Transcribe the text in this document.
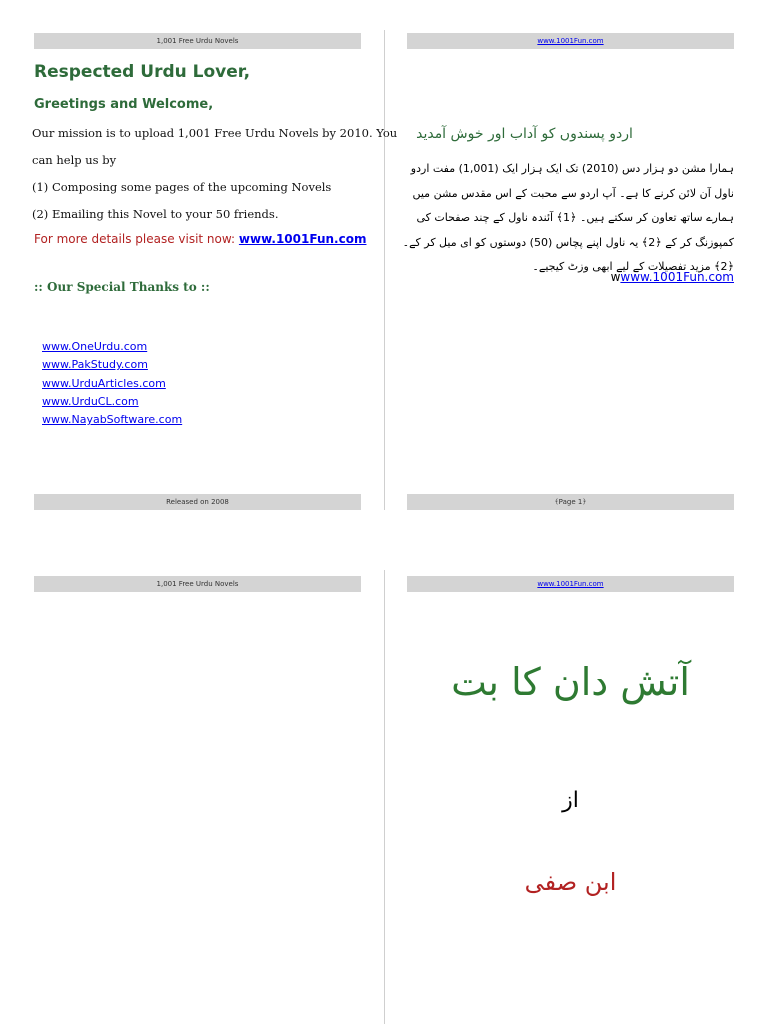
1,001 Free Urdu Novels
Respected Urdu Lover,
Greetings and Welcome,
Our mission is to upload 1,001 Free Urdu Novels by 2010. You
can help us by
(1) Composing some pages of the upcoming Novels
(2) Emailing this Novel to your 50 friends.
For more details please visit now: www.1001Fun.com
:: Our Special Thanks to ::
www.OneUrdu.com
www.PakStudy.com
www.UrduArticles.com
www.UrduCL.com
www.NayabSoftware.com
Released on 2008
www.1001Fun.com
اردو پسندوں کو آداب اور خوش آمدید
ہمارا مشن دو ہزار دس (2010) تک ایک ہزار ایک (1,001) مفت اردو ناول آن لائن کرنے کا ہے۔ آپ اردو سے محبت کے اس مقدس مشن میں ہمارے ساتھ تعاون کر سکتے ہیں۔ ﴿1﴾ آئندہ ناول کے چند صفحات کی کمپوزنگ کر کے ﴿2﴾ یہ ناول اپنے پچاس (50) دوستوں کو ای میل کر کے۔ ﴿2﴾ مزید تفصیلات کے لیے ابھی وزٹ کیجیے۔
wwww.1001Fun.com
﴾Page 1﴿
1,001 Free Urdu Novels	www.1001Fun.com
آتش دان کا بت
از
ابن صفی
